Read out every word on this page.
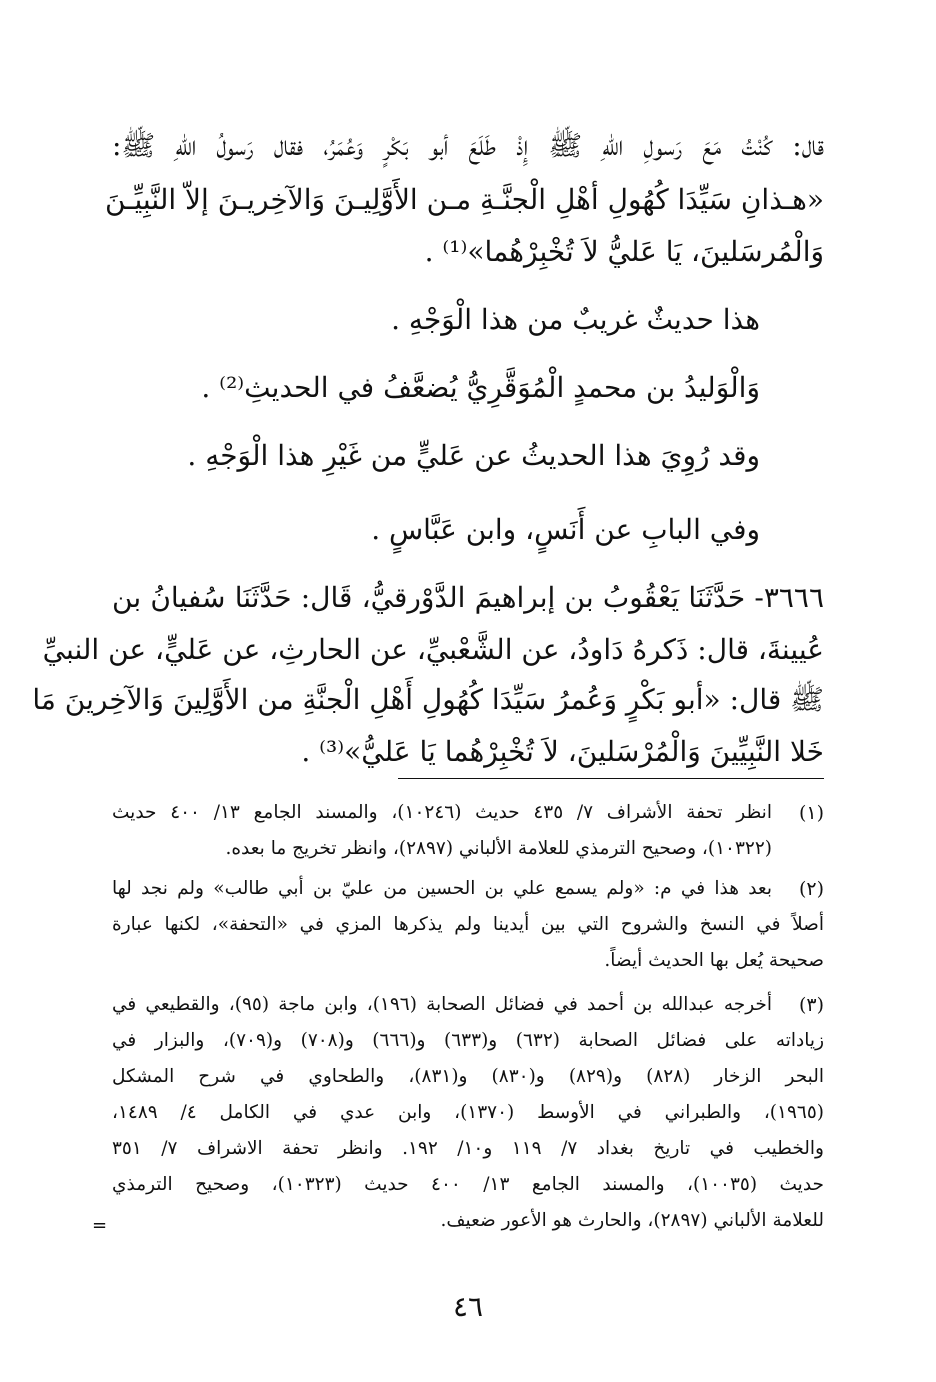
قال: كُنْتُ مَعَ رَسولِ اللهِ ﷺ إِذْ طَلَعَ أبو بَكْرٍ وَعُمَرُ، فقال رَسولُ اللهِ ﷺ:
«هـذانِ سَيِّدَا كُهُولِ أهْلِ الْجنَّـةِ مـن الأَوَّلِيـنَ وَالآخِريـنَ إلاّ النَّبِيِّـنَ
وَالْمُرسَلينَ، يَا عَليُّ لاَ تُخْبِرْهُما»⁽¹⁾ .
هذا حديثٌ غريبٌ من هذا الْوَجْهِ .
وَالْوَليدُ بن محمدٍ الْمُوَقَّرِيُّ يُضعَّفُ في الحديثِ⁽²⁾ .
وقد رُوِيَ هذا الحديثُ عن عَليٍّ من غَيْرِ هذا الْوَجْهِ .
وفي البابِ عن أَنَسٍ، وابن عَبَّاسٍ .
٣٦٦٦- حَدَّثَنَا يَعْقُوبُ بن إبراهيمَ الدَّوْرقيُّ، قَال: حَدَّثَنَا سُفيانُ بن
عُيينةَ، قال: ذَكرهُ دَاودُ، عن الشَّعْبيِّ، عن الحارثِ، عن عَليٍّ، عن النبيِّ
ﷺ قال: «أبو بَكْرٍ وَعُمرُ سَيِّدَا كُهُولِ أَهْلِ الْجنَّةِ من الأَوَّلِينَ وَالآخِرينَ مَا
خَلا النَّبِيِّينَ وَالْمُرْسَلينَ، لاَ تُخْبِرْهُما يَا عَليُّ»⁽³⁾ .
(١)
انظر تحفة الأشراف ٧/ ٤٣٥ حديث (١٠٢٤٦)، والمسند الجامع ١٣/ ٤٠٠ حديث
(١٠٣٢٢)، وصحيح الترمذي للعلامة الألباني (٢٨٩٧)، وانظر تخريج ما بعده.
(٢)
بعد هذا في م: «ولم يسمع علي بن الحسين من عليّ بن أبي طالب» ولم نجد لها
أصلاً في النسخ والشروح التي بين أيدينا ولم يذكرها المزي في «التحفة»، لكنها عبارة
صحيحة يُعل بها الحديث أيضاً.
(٣)
أخرجه عبدالله بن أحمد في فضائل الصحابة (١٩٦)، وابن ماجة (٩٥)، والقطيعي في
زياداته على فضائل الصحابة (٦٣٢) و(٦٣٣) و(٦٦٦) و(٧٠٨) و(٧٠٩)، والبزار في
البحر الزخار (٨٢٨) و(٨٢٩) و(٨٣٠) و(٨٣١)، والطحاوي في شرح المشكل
(١٩٦٥)، والطبراني في الأوسط (١٣٧٠)، وابن عدي في الكامل ٤/ ١٤٨٩،
والخطيب في تاريخ بغداد ٧/ ١١٩ و١٠/ ١٩٢. وانظر تحفة الاشراف ٧/ ٣٥١
حديث (١٠٠٣٥)، والمسند الجامع ١٣/ ٤٠٠ حديث (١٠٣٢٣)، وصحيح الترمذي
للعلامة الألباني (٢٨٩٧)، والحارث هو الأعور ضعيف.
=
٤٦
